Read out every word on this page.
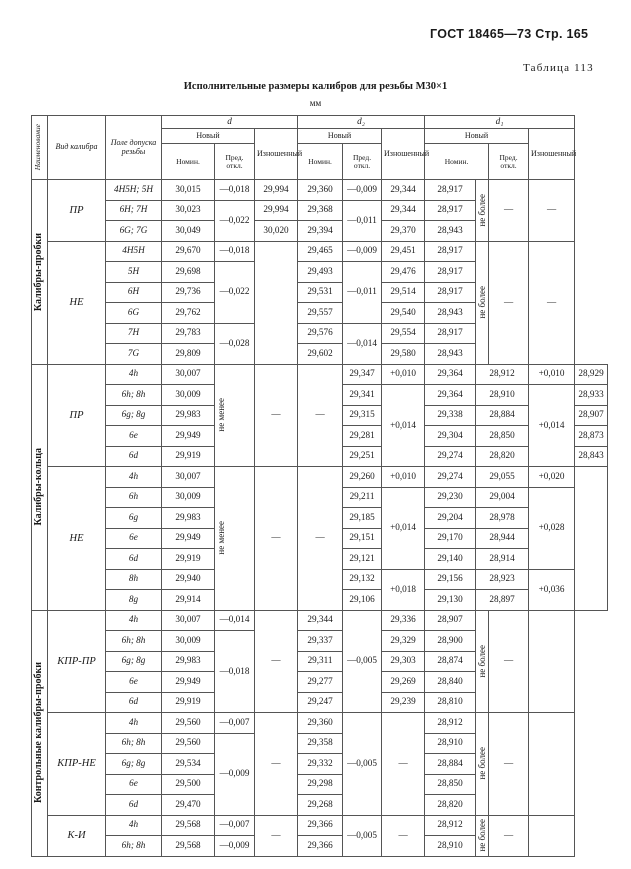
ГОСТ 18465—73 Стр. 165
Таблица 113
Исполнительные размеры калибров для резьбы М30×1
мм
Наименование	Вид калибра	Поле допуска резьбы	d			d₂			d₁				
			Новый		Изношенный	Новый		Изношенный	Новый			Изношенный	
			Номин.	Пред. откл.		Номин.	Пред. откл.		Номин.		Пред. откл.		

Калибры-пробки	ПР	4H5H; 5H	30,015	—0,018	29,994	29,360	—0,009	29,344	28,917	не более	—	—	
		6H; 7H	30,023	—0,022	29,994	29,368	—0,011	29,344	28,917				
		6G; 7G	30,049		30,020	29,394		29,370	28,943				
	НЕ	4H5H	29,670	—0,018		29,465	—0,009	29,451	28,917	не более	—	—	
		5H	29,698	—0,022		29,493	—0,011	29,476	28,917				
		6H	29,736			29,531		29,514	28,917				
		6G	29,762			29,557		29,540	28,943				
		7H	29,783	—0,028		29,576	—0,014	29,554	28,917				
		7G	29,809			29,602		29,580	28,943				

Калибры-кольца	ПР	4h	30,007	не менее	—	—	29,347	+0,010	29,364	28,912		+0,010	28,929
		6h; 8h	30,009				29,341	+0,014	29,364	28,910		+0,014	28,933
		6g; 8g	29,983				29,315		29,338	28,884			28,907
		6e	29,949				29,281		29,304	28,850			28,873
		6d	29,919				29,251		29,274	28,820			28,843
	НЕ	4h	30,007	не менее	—	—	29,260	+0,010	29,274	29,055		+0,020	
		6h	30,009				29,211	+0,014	29,230	29,004		+0,028	
		6g	29,983				29,185		29,204	28,978			
		6e	29,949				29,151		29,170	28,944			
		6d	29,919				29,121		29,140	28,914			
		8h	29,940				29,132	+0,018	29,156	28,923		+0,036	
		8g	29,914				29,106		29,130	28,897			

Контрольные калибры-пробки	КПР-ПР	4h	30,007	—0,014	—	29,344	—0,005	29,336	28,907	не более	—		
		6h; 8h	30,009	—0,018		29,337		29,329	28,900				
		6g; 8g	29,983			29,311		29,303	28,874				
		6e	29,949			29,277		29,269	28,840				
		6d	29,919			29,247		29,239	28,810				
	КПР-НЕ	4h	29,560	—0,007	—	29,360	—0,005	—	28,912	не более	—		
		6h; 8h	29,560	—0,009		29,358			28,910				
		6g; 8g	29,534			29,332			28,884				
		6e	29,500			29,298			28,850				
		6d	29,470			29,268			28,820				
	К-И	4h	29,568	—0,007	—	29,366	—0,005	—	28,912	не более	—		
		6h; 8h	29,568	—0,009		29,366			28,910				
